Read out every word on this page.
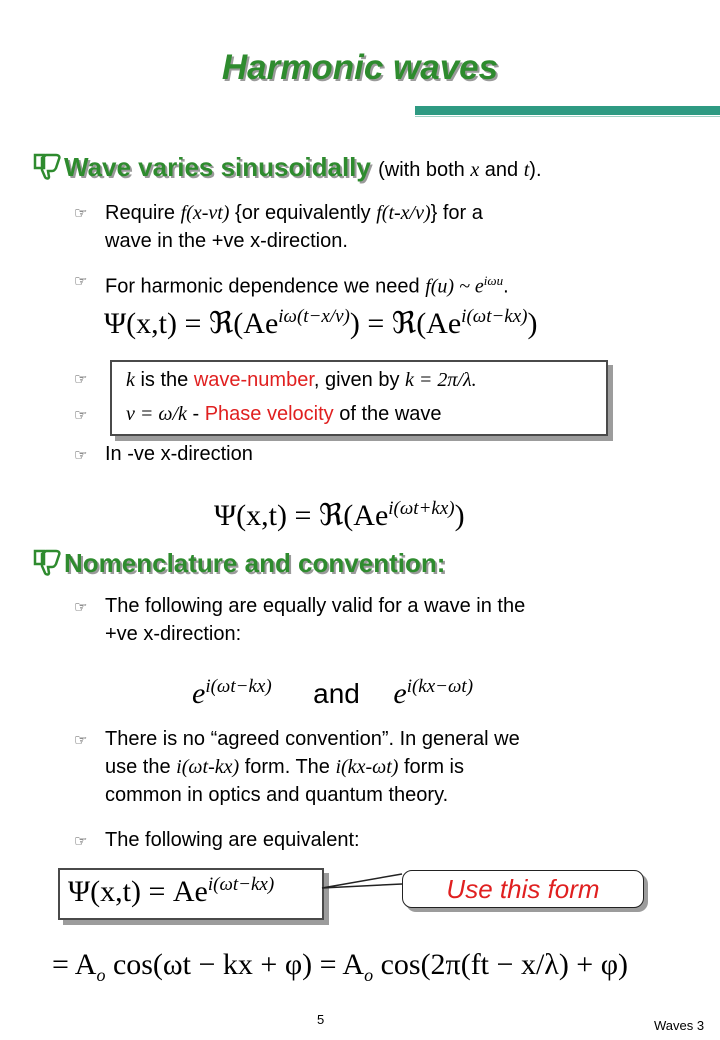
Harmonic waves
Wave varies sinusoidally (with both x and t).
☞ Require f(x-vt) {or equivalently f(t-x/v)} for a
wave in the +ve x-direction.
☞ For harmonic dependence we need f(u) ~ $e^{i\omega u}$.
$\Psi(x,t) = ℜ(Ae^{i\omega(t-x/v)})$ = $ℜ(Ae^{i(\omega t-kx)})$
☞
☞
k is the wave-number, given by k = 2π/λ.
v = ω/k - Phase velocity of the wave
☞ In -ve x-direction
$\Psi(x,t) = ℜ(Ae^{i(\omega t+kx)})$
Nomenclature and convention:
☞ The following are equally valid for a wave in the
+ve x-direction:
$e^{i(\omega t-kx)}$ and $e^{i(kx-\omega t)}$
☞ There is no “agreed convention”. In general we
use the i(ωt-kx) form. The i(kx-ωt) form is
common in optics and quantum theory.
☞ The following are equivalent:
$\Psi(x,t) = Ae^{i(\omega t-kx)}$	Use this form
= $A_o$ cos(ωt − kx + $\varphi) = A_o$ cos(2π(ft − x/λ) + φ)
5	Waves 3
